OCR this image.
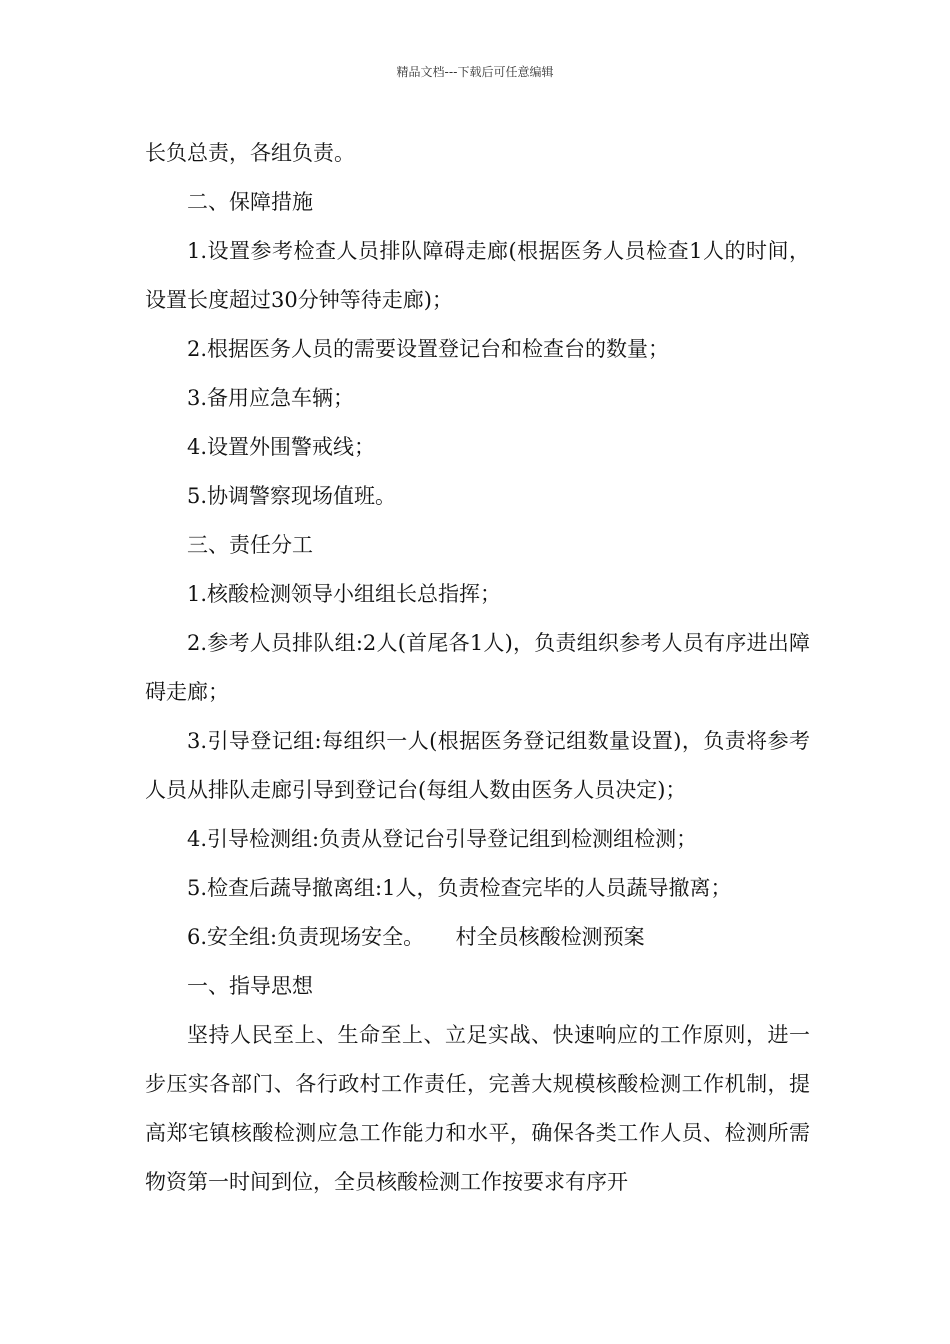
精品文档---下载后可任意编辑

长负总责，各组负责。

二、保障措施

1.设置参考检查人员排队障碍走廊(根据医务人员检查1人的时间，设置长度超过30分钟等待走廊)；

2.根据医务人员的需要设置登记台和检查台的数量；

3.备用应急车辆；

4.设置外围警戒线；

5.协调警察现场值班。

三、责任分工

1.核酸检测领导小组组长总指挥；

2.参考人员排队组:2人(首尾各1人)，负责组织参考人员有序进出障碍走廊；

3.引导登记组:每组织一人(根据医务登记组数量设置)，负责将参考人员从排队走廊引导到登记台(每组人数由医务人员决定)；

4.引导检测组:负责从登记台引导登记组到检测组检测；

5.检查后蔬导撤离组:1人，负责检查完毕的人员蔬导撤离；

6.安全组:负责现场安全。　　村全员核酸检测预案

一、指导思想

坚持人民至上、生命至上、立足实战、快速响应的工作原则，进一步压实各部门、各行政村工作责任，完善大规模核酸检测工作机制，提高郑宅镇核酸检测应急工作能力和水平，确保各类工作人员、检测所需物资第一时间到位，全员核酸检测工作按要求有序开
